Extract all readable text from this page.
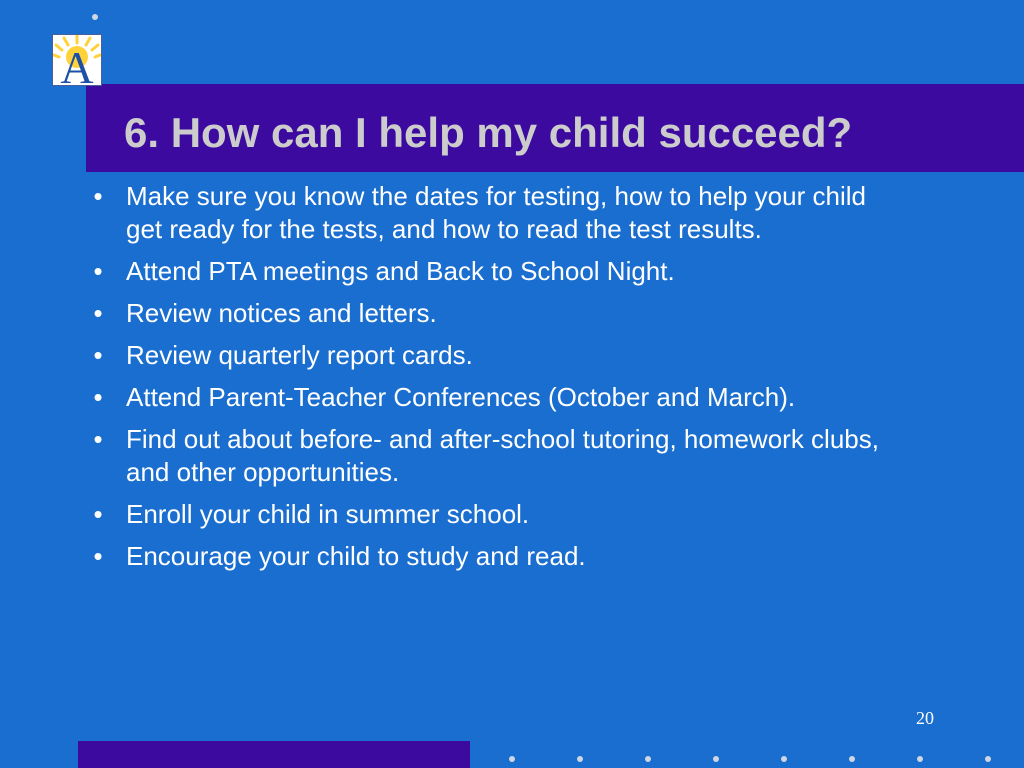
A
6. How can I help my child succeed?
• Make sure you know the dates for testing, how to help your child get ready for the tests, and how to read the test results.
• Attend PTA meetings and Back to School Night.
• Review notices and letters.
• Review quarterly report cards.
• Attend Parent-Teacher Conferences (October and March).
• Find out about before- and after-school tutoring, homework clubs, and other opportunities.
• Enroll your child in summer school.
• Encourage your child to study and read.
20
